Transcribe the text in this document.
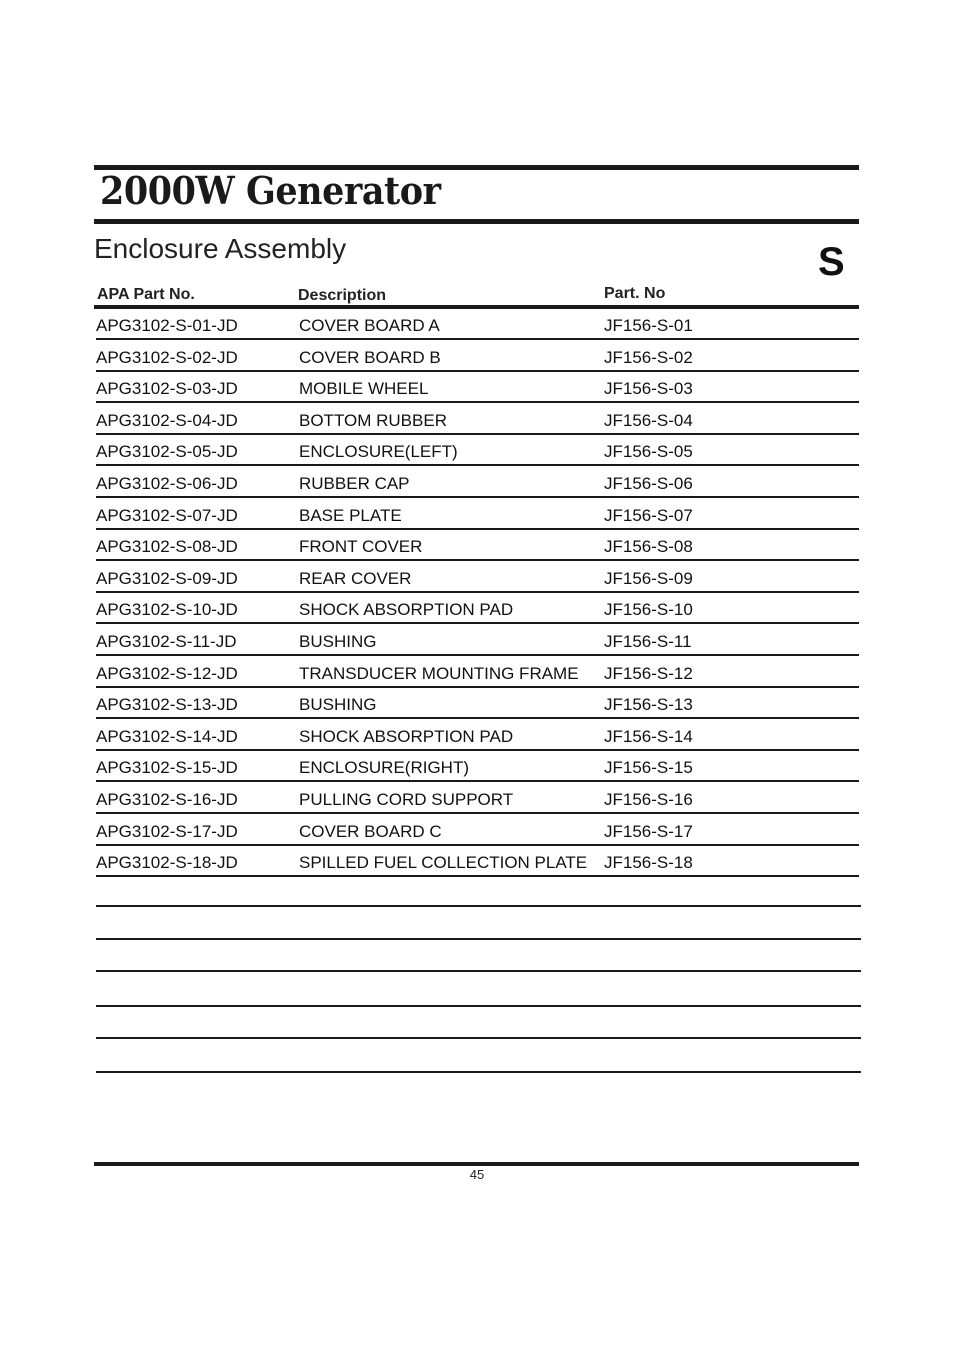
2000W Generator
Enclosure Assembly	S
APA Part No.	Description	Part. No
APG3102-S-01-JD	COVER BOARD A	JF156-S-01
APG3102-S-02-JD	COVER BOARD B	JF156-S-02
APG3102-S-03-JD	MOBILE WHEEL	JF156-S-03
APG3102-S-04-JD	BOTTOM RUBBER	JF156-S-04
APG3102-S-05-JD	ENCLOSURE(LEFT)	JF156-S-05
APG3102-S-06-JD	RUBBER CAP	JF156-S-06
APG3102-S-07-JD	BASE PLATE	JF156-S-07
APG3102-S-08-JD	FRONT COVER	JF156-S-08
APG3102-S-09-JD	REAR COVER	JF156-S-09
APG3102-S-10-JD	SHOCK ABSORPTION PAD	JF156-S-10
APG3102-S-11-JD	BUSHING	JF156-S-11
APG3102-S-12-JD	TRANSDUCER MOUNTING FRAME JF156-S-12
APG3102-S-13-JD	BUSHING	JF156-S-13
APG3102-S-14-JD	SHOCK ABSORPTION PAD	JF156-S-14
APG3102-S-15-JD	ENCLOSURE(RIGHT)	JF156-S-15
APG3102-S-16-JD	PULLING CORD SUPPORT	JF156-S-16
APG3102-S-17-JD	COVER BOARD C	JF156-S-17
APG3102-S-18-JD	SPILLED FUEL COLLECTION PLATE JF156-S-18
45
